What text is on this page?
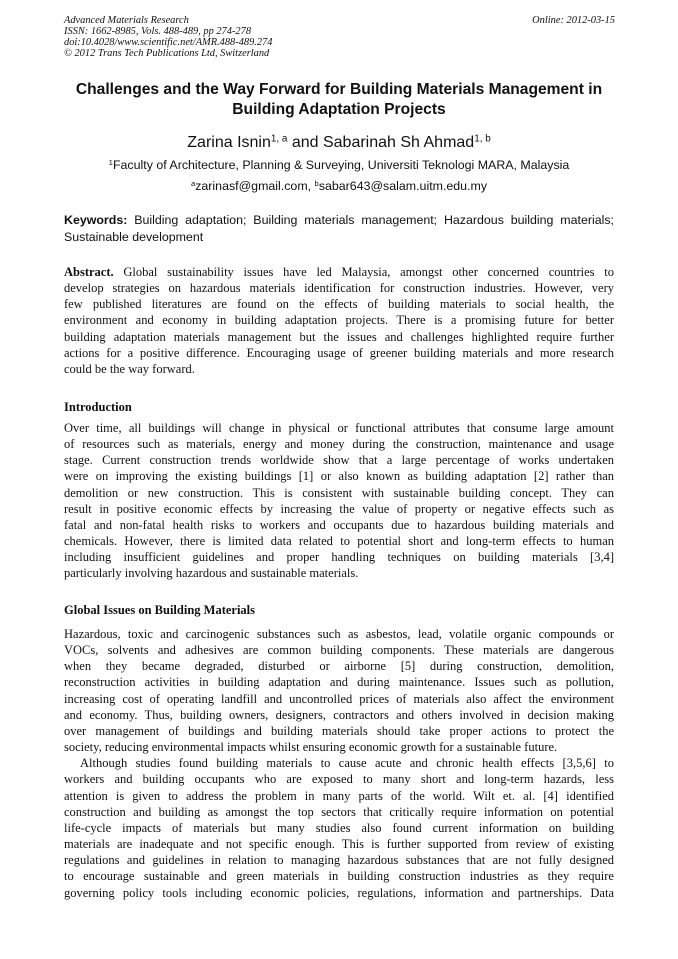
Advanced Materials Research
ISSN: 1662-8985, Vols. 488-489, pp 274-278
doi:10.4028/www.scientific.net/AMR.488-489.274
© 2012 Trans Tech Publications Ltd, Switzerland
Online: 2012-03-15
Challenges and the Way Forward for Building Materials Management in
Building Adaptation Projects
Zarina Isnin$^{1, a}$ and Sabarinah Sh Ahmad$^{1, b}$
$^1$Faculty of Architecture, Planning & Surveying, Universiti Teknologi MARA, Malaysia
$^a$zarinasf@gmail.com, $^b$sabar643@salam.uitm.edu.my
Keywords: Building adaptation; Building materials management; Hazardous building materials;
Sustainable development
Abstract. Global sustainability issues have led Malaysia, amongst other concerned countries to
develop strategies on hazardous materials identification for construction industries. However, very
few published literatures are found on the effects of building materials to social health, the
environment and economy in building adaptation projects. There is a promising future for better
building adaptation materials management but the issues and challenges highlighted require further
actions for a positive difference. Encouraging usage of greener building materials and more research
could be the way forward.
Introduction
Over time, all buildings will change in physical or functional attributes that consume large amount
of resources such as materials, energy and money during the construction, maintenance and usage
stage. Current construction trends worldwide show that a large percentage of works undertaken
were on improving the existing buildings [1] or also known as building adaptation [2] rather than
demolition or new construction. This is consistent with sustainable building concept. They can
result in positive economic effects by increasing the value of property or negative effects such as
fatal and non-fatal health risks to workers and occupants due to hazardous building materials and
chemicals. However, there is limited data related to potential short and long-term effects to human
including insufficient guidelines and proper handling techniques on building materials [3,4]
particularly involving hazardous and sustainable materials.
Global Issues on Building Materials
Hazardous, toxic and carcinogenic substances such as asbestos, lead, volatile organic compounds or
VOCs, solvents and adhesives are common building components. These materials are dangerous
when they became degraded, disturbed or airborne [5] during construction, demolition,
reconstruction activities in building adaptation and during maintenance. Issues such as pollution,
increasing cost of operating landfill and uncontrolled prices of materials also affect the environment
and economy. Thus, building owners, designers, contractors and others involved in decision making
over management of buildings and building materials should take proper actions to protect the
society, reducing environmental impacts whilst ensuring economic growth for a sustainable future.
Although studies found building materials to cause acute and chronic health effects [3,5,6] to
workers and building occupants who are exposed to many short and long-term hazards, less
attention is given to address the problem in many parts of the world. Wilt et. al. [4] identified
construction and building as amongst the top sectors that critically require information on potential
life-cycle impacts of materials but many studies also found current information on building
materials are inadequate and not specific enough. This is further supported from review of existing
regulations and guidelines in relation to managing hazardous substances that are not fully designed
to encourage sustainable and green materials in building construction industries as they require
governing policy tools including economic policies, regulations, information and partnerships. Data
